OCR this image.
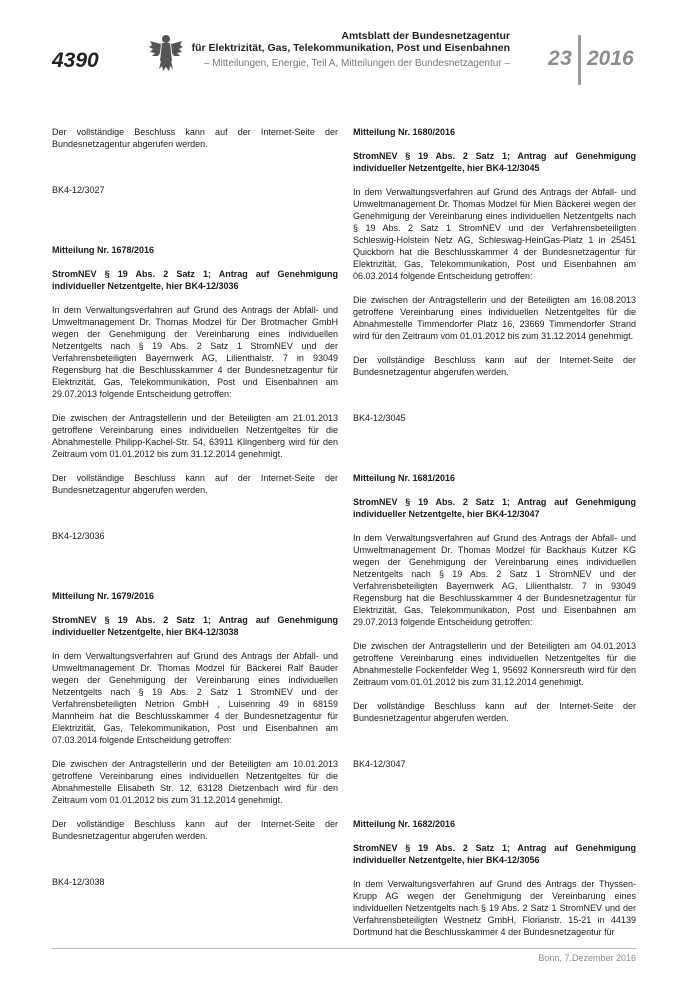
4390
Amtsblatt der Bundesnetzagentur
für Elektrizität, Gas, Telekommunikation, Post und Eisenbahnen
– Mitteilungen, Energie, Teil A, Mitteilungen der Bundesnetzagentur – 23 2016

Der vollständige Beschluss kann auf der Internet-Seite der Bundesnetzagentur abgerufen werden.

BK4-12/3027

Mitteilung Nr. 1678/2016
StromNEV § 19 Abs. 2 Satz 1; Antrag auf Genehmigung individueller Netzentgelte, hier BK4-12/3036

In dem Verwaltungsverfahren auf Grund des Antrags der Abfall- und Umweltmanagement Dr. Thomas Modzel für Der Brotmacher GmbH wegen der Genehmigung der Vereinbarung eines individuellen Netzentgelts nach § 19 Abs. 2 Satz 1 StromNEV und der Verfahrensbeteiligten Bayernwerk AG, Lilienthalstr. 7 in 93049 Regensburg hat die Beschlusskammer 4 der Bundesnetzagentur für Elektrizität, Gas, Telekommunikation, Post und Eisenbahnen am 29.07.2013 folgende Entscheidung getroffen:

Die zwischen der Antragstellerin und der Beteiligten am 21.01.2013 getroffene Vereinbarung eines individuellen Netzentgeltes für die Abnahmestelle Philipp-Kachel-Str. 54, 63911 Klingenberg wird für den Zeitraum vom 01.01.2012 bis zum 31.12.2014 genehmigt.

Der vollständige Beschluss kann auf der Internet-Seite der Bundesnetzagentur abgerufen werden.

BK4-12/3036

Mitteilung Nr. 1679/2016
StromNEV § 19 Abs. 2 Satz 1; Antrag auf Genehmigung individueller Netzentgelte, hier BK4-12/3038

In dem Verwaltungsverfahren auf Grund des Antrags der Abfall- und Umweltmanagement Dr. Thomas Modzel für Bäckerei Ralf Bauder wegen der Genehmigung der Vereinbarung eines individuellen Netzentgelts nach § 19 Abs. 2 Satz 1 StromNEV und der Verfahrensbeteiligten Netrion GmbH , Luisenring 49 in 68159 Mannheim hat die Beschlusskammer 4 der Bundesnetzagentur für Elektrizität, Gas, Telekommunikation, Post und Eisenbahnen am 07.03.2014 folgende Entscheidung getroffen:

Die zwischen der Antragstellerin und der Beteiligten am 10.01.2013 getroffene Vereinbarung eines individuellen Netzentgeltes für die Abnahmestelle Elisabeth Str. 12, 63128 Dietzenbach wird für den Zeitraum vom 01.01.2012 bis zum 31.12.2014 genehmigt.

Der vollständige Beschluss kann auf der Internet-Seite der Bundesnetzagentur abgerufen werden.

BK4-12/3038

Mitteilung Nr. 1680/2016
StromNEV § 19 Abs. 2 Satz 1; Antrag auf Genehmigung individueller Netzentgelte, hier BK4-12/3045

In dem Verwaltungsverfahren auf Grund des Antrags der Abfall- und Umweltmanagement Dr. Thomas Modzel für Mien Bäckerei wegen der Genehmigung der Vereinbarung eines individuellen Netzentgelts nach § 19 Abs. 2 Satz 1 StromNEV und der Verfahrensbeteiligten Schleswig-Holstein Netz AG, Schleswag-HeinGas-Platz 1 in 25451 Quickborn hat die Beschlusskammer 4 der Bundesnetzagentur für Elektrizität, Gas, Telekommunikation, Post und Eisenbahnen am 06.03.2014 folgende Entscheidung getroffen:

Die zwischen der Antragstellerin und der Beteiligten am 16.08.2013 getroffene Vereinbarung eines individuellen Netzentgeltes für die Abnahmestelle Timmendorfer Platz 16, 23669 Timmendorfer Strand wird für den Zeitraum vom 01.01.2012 bis zum 31.12.2014 genehmigt.

Der vollständige Beschluss kann auf der Internet-Seite der Bundesnetzagentur abgerufen werden.

BK4-12/3045

Mitteilung Nr. 1681/2016
StromNEV § 19 Abs. 2 Satz 1; Antrag auf Genehmigung individueller Netzentgelte, hier BK4-12/3047

In dem Verwaltungsverfahren auf Grund des Antrags der Abfall- und Umweltmanagement Dr. Thomas Modzel für Backhaus Kutzer KG wegen der Genehmigung der Vereinbarung eines individuellen Netzentgelts nach § 19 Abs. 2 Satz 1 StromNEV und der Verfahrensbeteiligten Bayernwerk AG, Lilienthalstr. 7 in 93049 Regensburg hat die Beschlusskammer 4 der Bundesnetzagentur für Elektrizität, Gas, Telekommunikation, Post und Eisenbahnen am 29.07.2013 folgende Entscheidung getroffen:

Die zwischen der Antragstellerin und der Beteiligten am 04.01.2013 getroffene Vereinbarung eines individuellen Netzentgeltes für die Abnahmestelle Fockenfelder Weg 1, 95692 Konnersreuth wird für den Zeitraum vom 01.01.2012 bis zum 31.12.2014 genehmigt.

Der vollständige Beschluss kann auf der Internet-Seite der Bundesnetzagentur abgerufen werden.

BK4-12/3047

Mitteilung Nr. 1682/2016
StromNEV § 19 Abs. 2 Satz 1; Antrag auf Genehmigung individueller Netzentgelte, hier BK4-12/3056

In dem Verwaltungsverfahren auf Grund des Antrags der Thyssen-Krupp AG wegen der Genehmigung der Vereinbarung eines individuellen Netzentgelts nach § 19 Abs. 2 Satz 1 StromNEV und der Verfahrensbeteiligten Westnetz GmbH, Florianstr. 15-21 in 44139 Dortmund hat die Beschlusskammer 4 der Bundesnetzagentur für

Bonn, 7.Dezember 2016
